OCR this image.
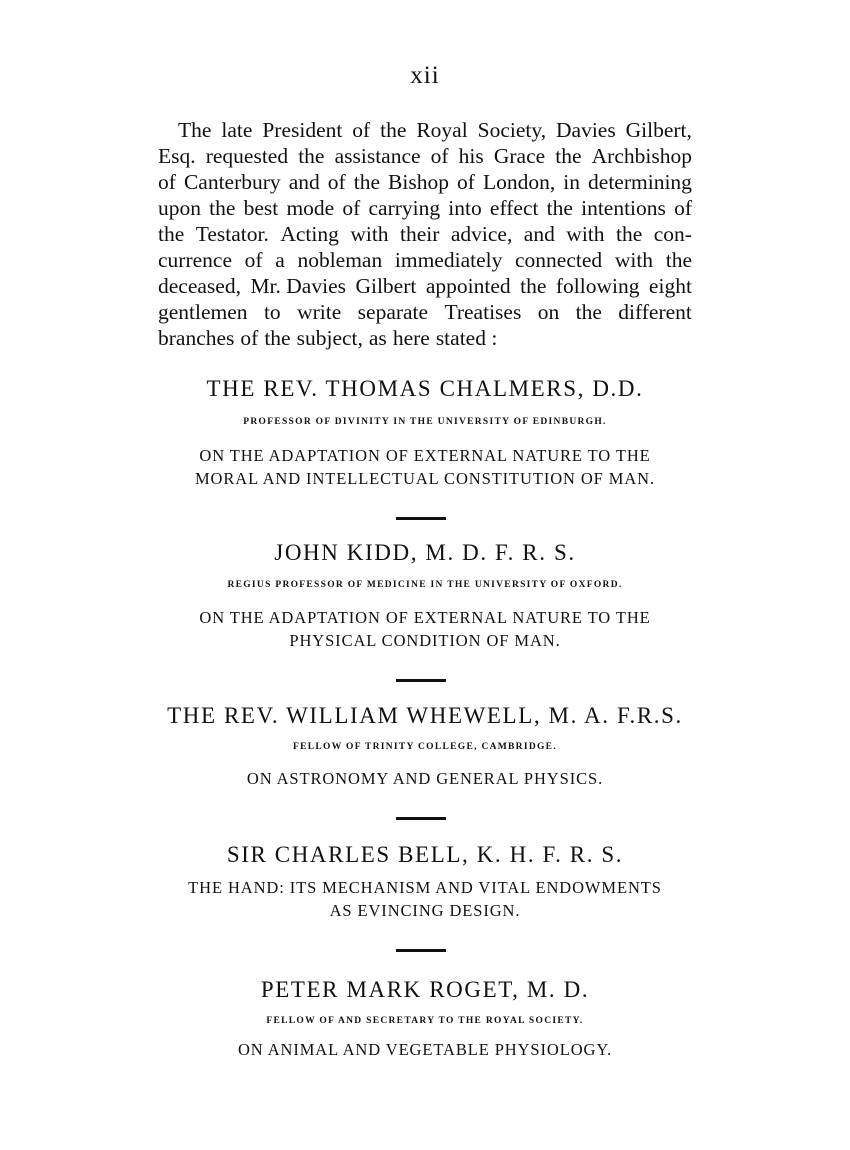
xii
The late President of the Royal Society, Davies Gilbert,
Esq. requested the assistance of his Grace the Archbishop
of Canterbury and of the Bishop of London, in determining
upon the best mode of carrying into effect the intentions of
the Testator. Acting with their advice, and with the con-
currence of a nobleman immediately connected with the
deceased, Mr. Davies Gilbert appointed the following eight
gentlemen to write separate Treatises on the different
branches of the subject, as here stated :
THE REV. THOMAS CHALMERS, D.D.
PROFESSOR OF DIVINITY IN THE UNIVERSITY OF EDINBURGH.
ON THE ADAPTATION OF EXTERNAL NATURE TO THE
MORAL AND INTELLECTUAL CONSTITUTION OF MAN.
JOHN KIDD, M. D. F. R. S.
REGIUS PROFESSOR OF MEDICINE IN THE UNIVERSITY OF OXFORD.
ON THE ADAPTATION OF EXTERNAL NATURE TO THE
PHYSICAL CONDITION OF MAN.
THE REV. WILLIAM WHEWELL, M. A. F.R.S.
FELLOW OF TRINITY COLLEGE, CAMBRIDGE.
ON ASTRONOMY AND GENERAL PHYSICS.
SIR CHARLES BELL, K. H. F. R. S.
THE HAND: ITS MECHANISM AND VITAL ENDOWMENTS
AS EVINCING DESIGN.
PETER MARK ROGET, M. D.
FELLOW OF AND SECRETARY TO THE ROYAL SOCIETY.
ON ANIMAL AND VEGETABLE PHYSIOLOGY.
